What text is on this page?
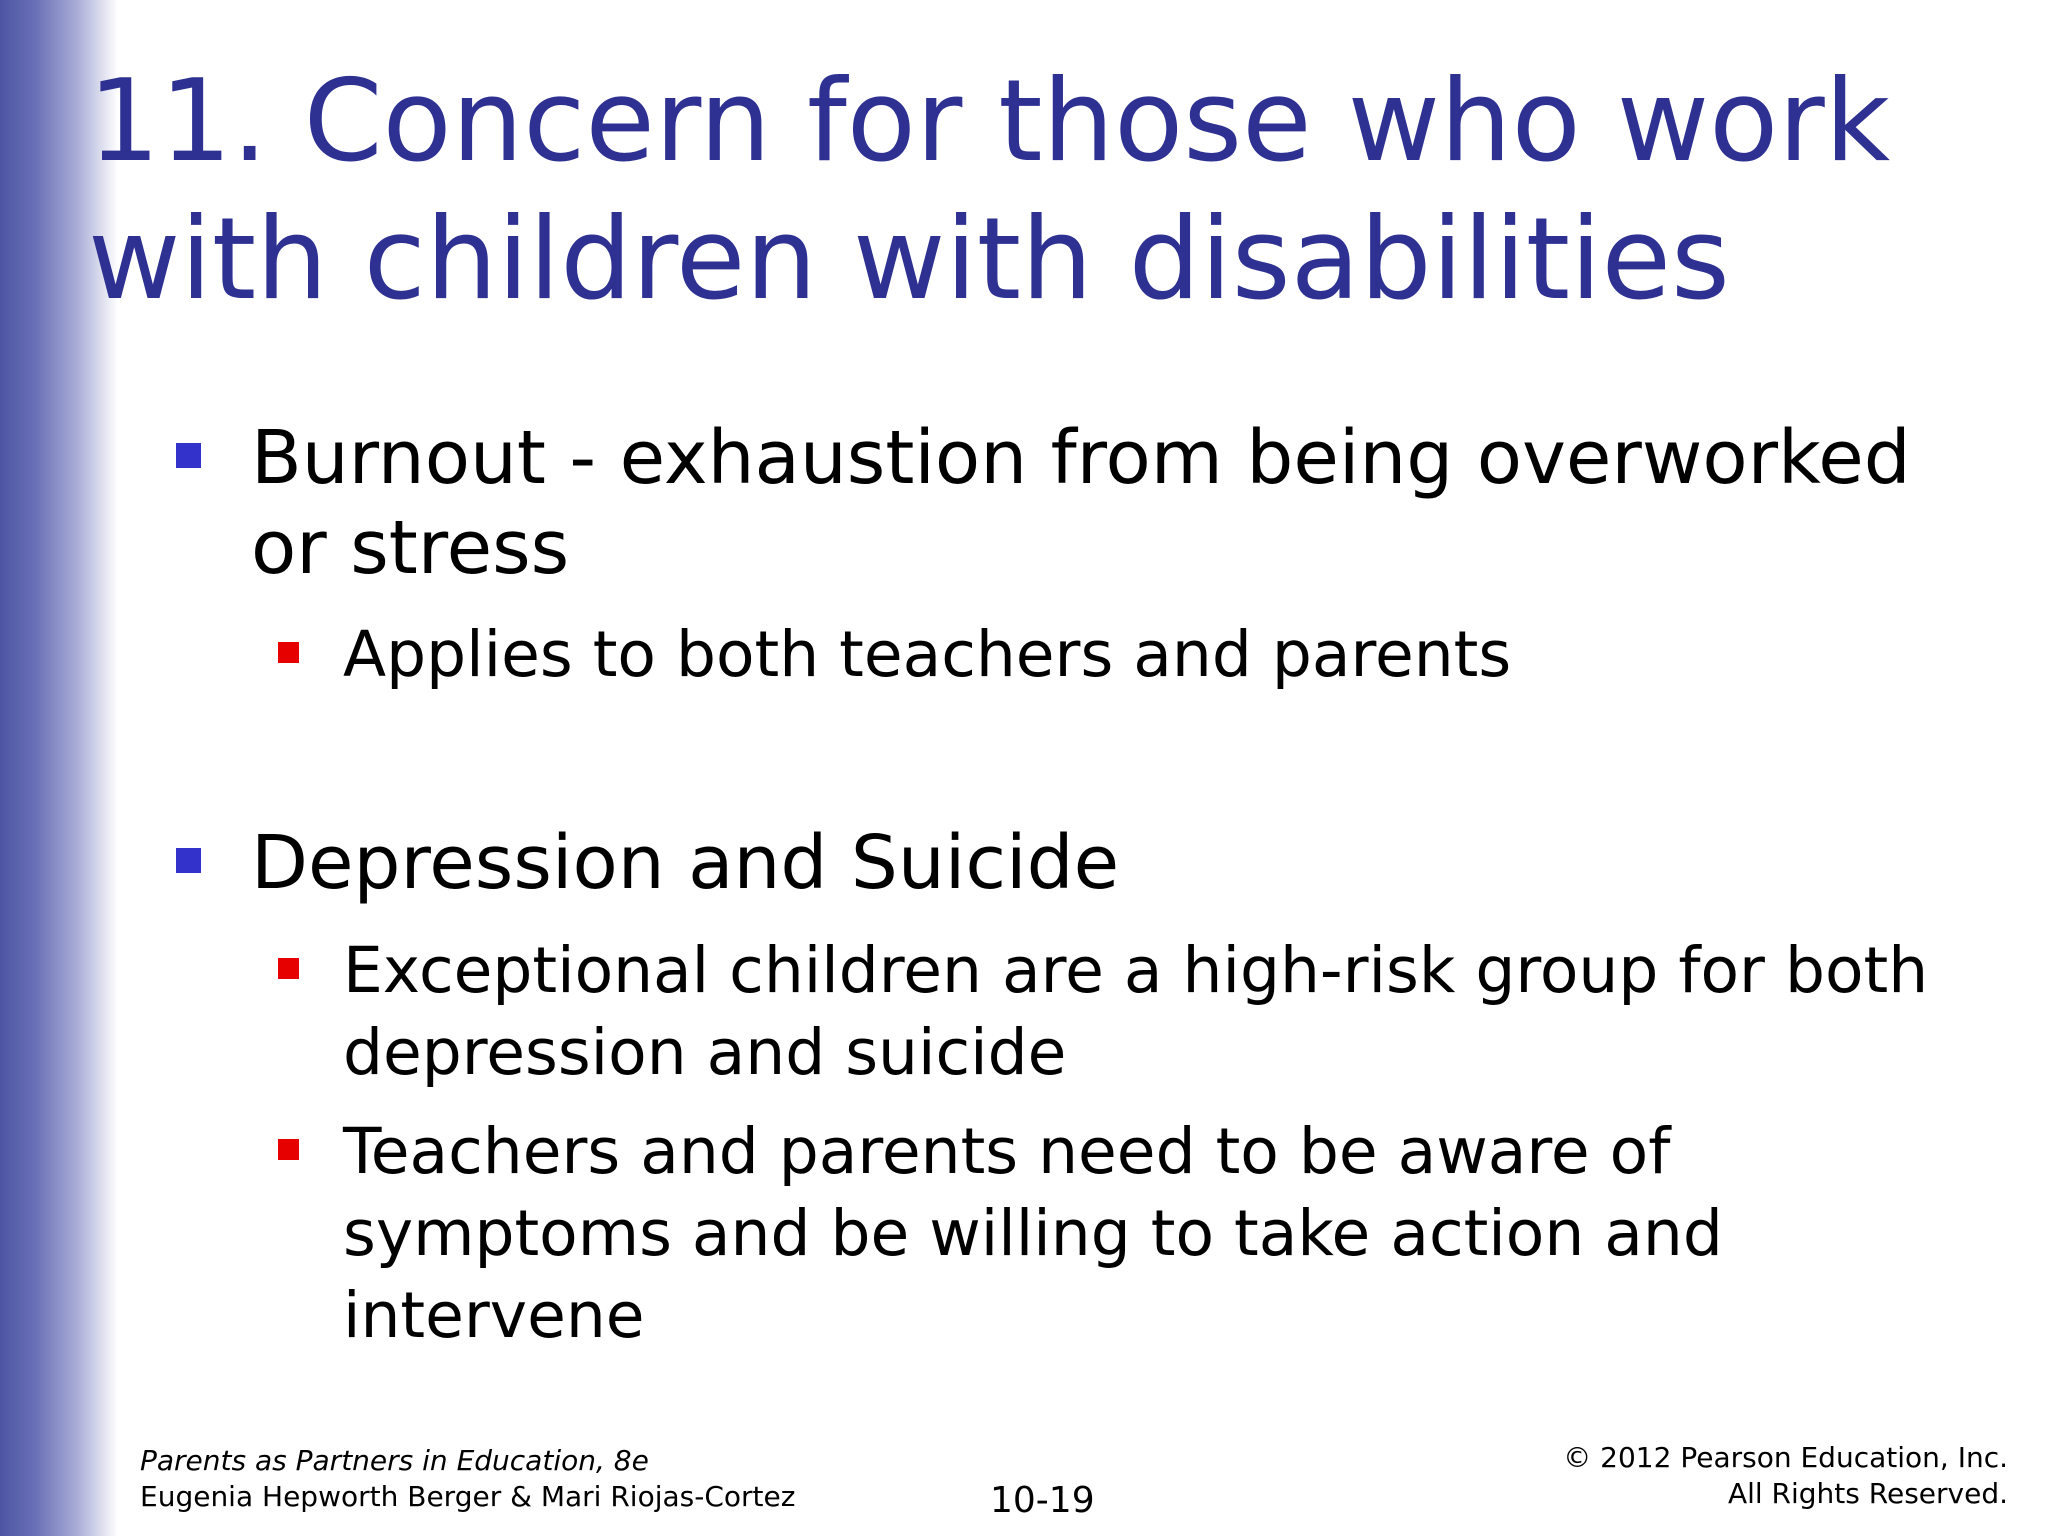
11. Concern for those who work with children with disabilities
Burnout - exhaustion from being overworked or stress
Applies to both teachers and parents
Depression and Suicide
Exceptional children are a high-risk group for both depression and suicide
Teachers and parents need to be aware of symptoms and be willing to take action and intervene
Parents as Partners in Education, 8e
Eugenia Hepworth Berger & Mari Riojas-Cortez	10-19
© 2012 Pearson Education, Inc.
All Rights Reserved.
